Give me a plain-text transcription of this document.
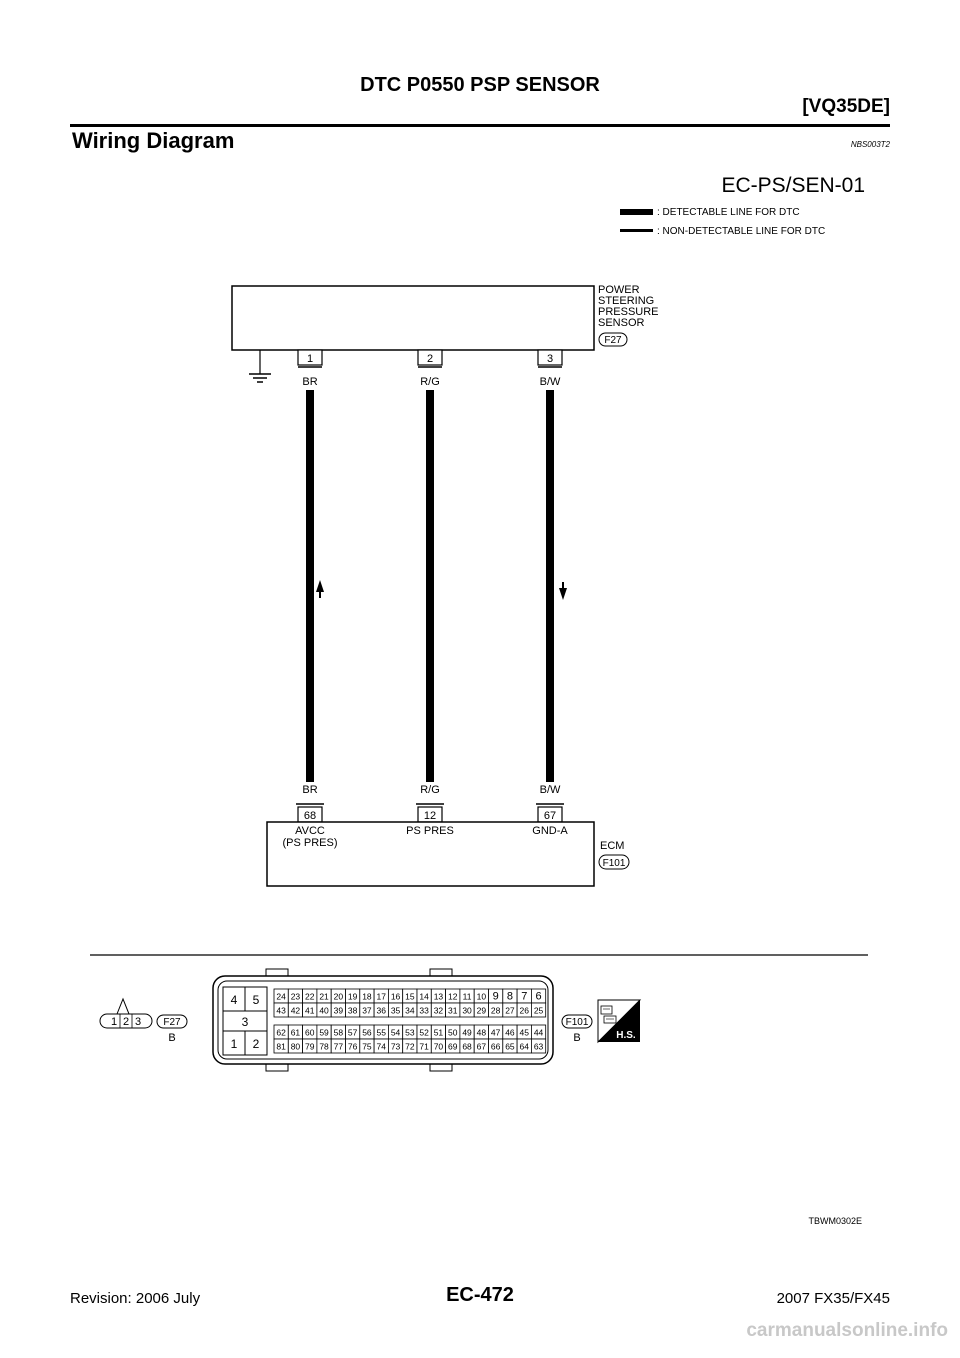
DTC P0550 PSP SENSOR
[VQ35DE]
Wiring Diagram	NBS003T2
EC-PS/SEN-01
: DETECTABLE LINE FOR DTC
: NON-DETECTABLE LINE FOR DTC
POWER
STEERING
PRESSURE
SENSOR
F27
1	2	3
BR	R/G	B/W
BR	R/G	B/W
68	12	67
AVCC
(PS PRES)
PS PRES	GND-A
ECM
F101
1 2 3 F27
B
4 5
3
1 2
24 23 22 21 20 19 18 17 16 15 14 13 12 11 10 9 8 7 6
43 42 41 40 39 38 37 36 35 34 33 32 31 30 29 28 27 26 25
62 61 60 59 58 57 56 55 54 53 52 51 50 49 48 47 46 45 44
81 80 79 78 77 76 75 74 73 72 71 70 69 68 67 66 65 64 63
F101
B	H.S.
TBWM0302E
Revision: 2006 July	EC-472	2007 FX35/FX45
carmanualsonline.info
